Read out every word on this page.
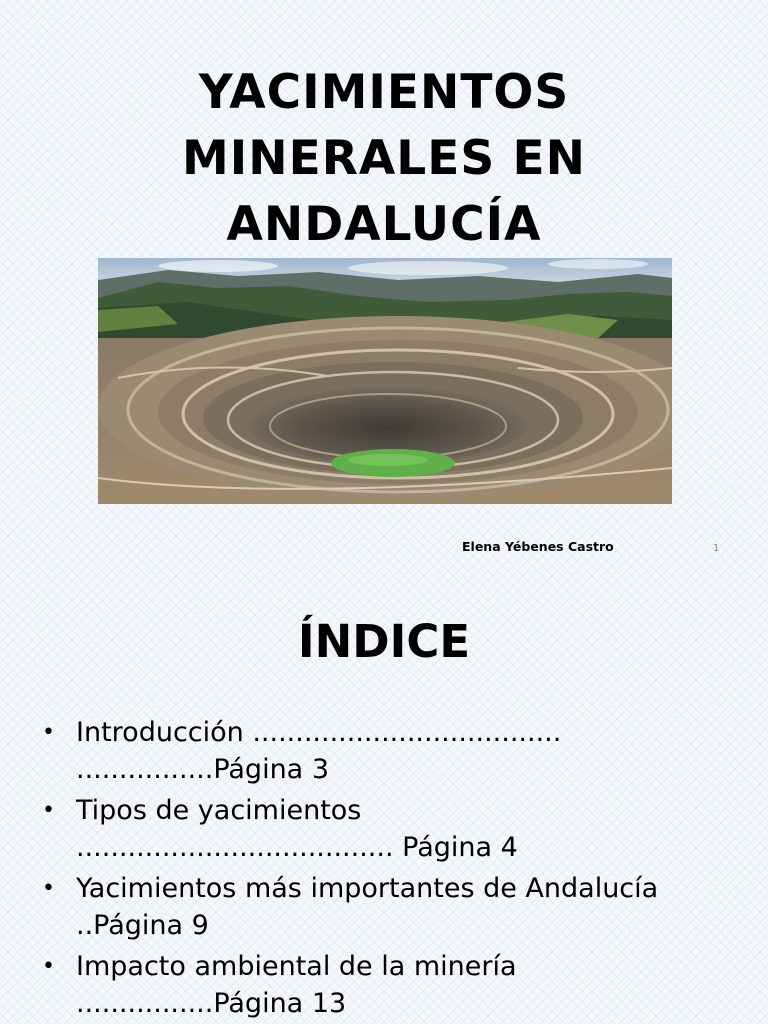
YACIMIENTOS
MINERALES EN
ANDALUCÍA
Elena Yébenes Castro	1
ÍNDICE
• Introducción ....................................
................Página 3
• Tipos de yacimientos
..................................... Página 4
• Yacimientos más importantes de Andalucía
..Página 9
• Impacto ambiental de la minería
................Página 13
